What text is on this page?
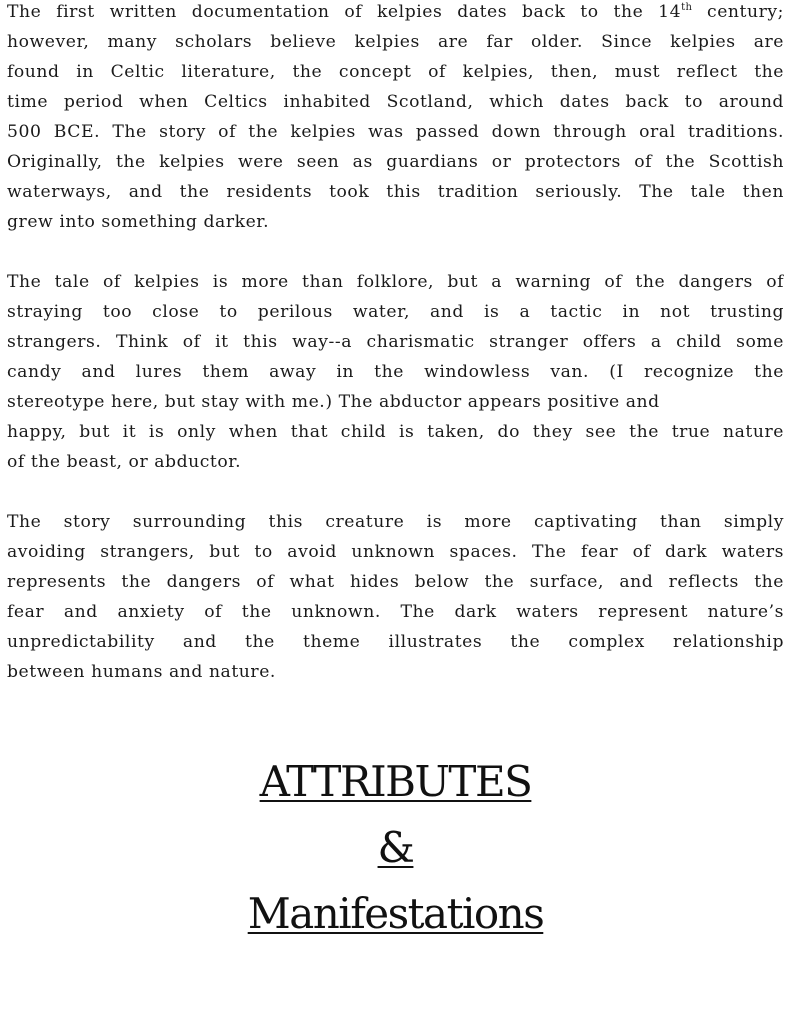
The first written documentation of kelpies dates back to the 14th century;
however, many scholars believe kelpies are far older. Since kelpies are
found in Celtic literature, the concept of kelpies, then, must reflect the
time period when Celtics inhabited Scotland, which dates back to around
500 BCE. The story of the kelpies was passed down through oral traditions.
Originally, the kelpies were seen as guardians or protectors of the Scottish
waterways, and the residents took this tradition seriously. The tale then
grew into something darker.
The tale of kelpies is more than folklore, but a warning of the dangers of
straying too close to perilous water, and is a tactic in not trusting
strangers. Think of it this way--a charismatic stranger offers a child some
candy and lures them away in the windowless van. (I recognize the
stereotype here, but stay with me.) The abductor appears positive and
happy, but it is only when that child is taken, do they see the true nature
of the beast, or abductor.
The story surrounding this creature is more captivating than simply
avoiding strangers, but to avoid unknown spaces. The fear of dark waters
represents the dangers of what hides below the surface, and reflects the
fear and anxiety of the unknown. The dark waters represent nature’s
unpredictability and the theme illustrates the complex relationship
between humans and nature.
ATTRIBUTES
&
Manifestations
